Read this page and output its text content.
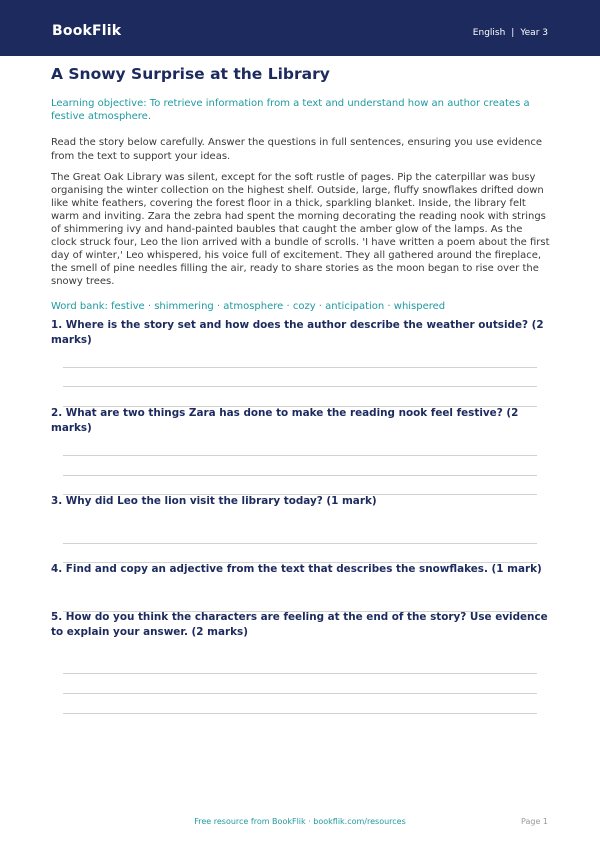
BookFlik	English | Year 3
A Snowy Surprise at the Library

Learning objective: To retrieve information from a text and understand how an author creates a festive atmosphere.

Read the story below carefully. Answer the questions in full sentences, ensuring you use evidence from the text to support your ideas.

The Great Oak Library was silent, except for the soft rustle of pages. Pip the caterpillar was busy organising the winter collection on the highest shelf. Outside, large, fluffy snowflakes drifted down like white feathers, covering the forest floor in a thick, sparkling blanket. Inside, the library felt warm and inviting. Zara the zebra had spent the morning decorating the reading nook with strings of shimmering ivy and hand-painted baubles that caught the amber glow of the lamps. As the clock struck four, Leo the lion arrived with a bundle of scrolls. 'I have written a poem about the first day of winter,' Leo whispered, his voice full of excitement. They all gathered around the fireplace, the smell of pine needles filling the air, ready to share stories as the moon began to rise over the snowy trees.

Word bank: festive · shimmering · atmosphere · cozy · anticipation · whispered

1. Where is the story set and how does the author describe the weather outside? (2 marks)
2. What are two things Zara has done to make the reading nook feel festive? (2 marks)
3. Why did Leo the lion visit the library today? (1 mark)
4. Find and copy an adjective from the text that describes the snowflakes. (1 mark)
5. How do you think the characters are feeling at the end of the story? Use evidence to explain your answer. (2 marks)
Free resource from BookFlik · bookflik.com/resources	Page 1
